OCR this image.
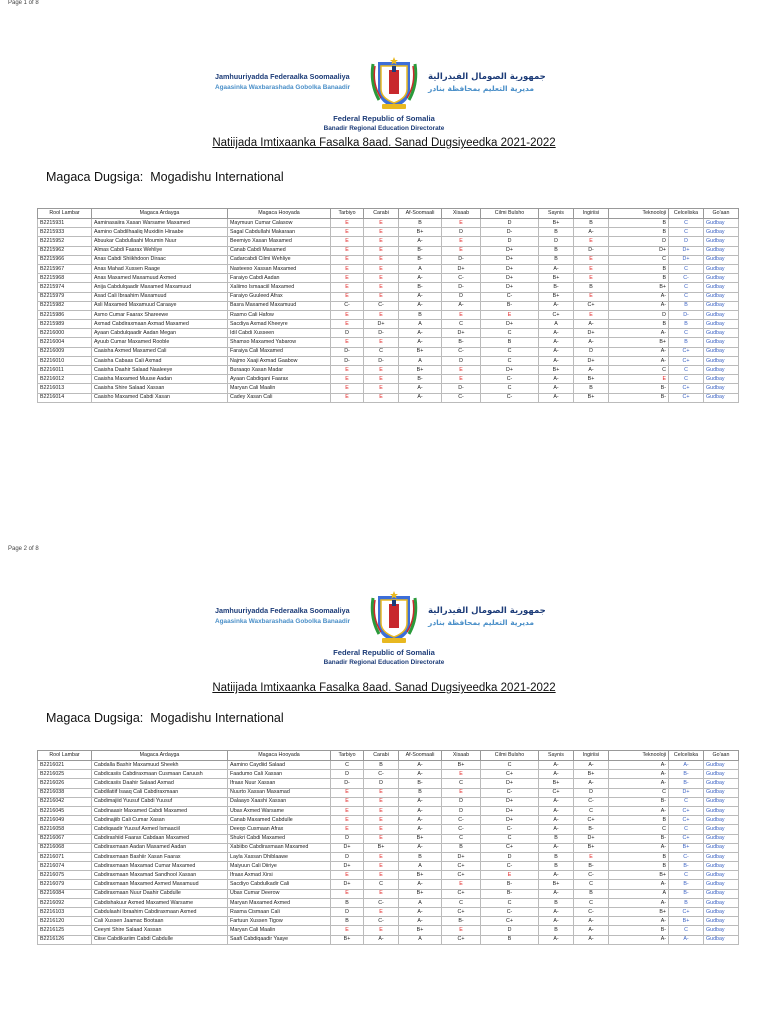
Page 1 of 8
Jamhuuriyadda Federaalka Soomaaliya
Agaasinka Waxbarashada Gobolka Banaadir
جمهورية الصومال الفيدرالية
مديرية التعليم بمحافظة بنادر
Federal Republic of Somalia
Banadir Regional Education Directorate
Natiijada Imtixaanka Fasalka 8aad. Sanad Dugsiyeedka 2021-2022
Magaca Dugsiga: Mogadishu International
Rool Lambar	Magaca Ardayga	Magaca Hooyada	Tarbiyo	Carabi	Af-Soomaali	Xisaab	Cilmi Bulsho	Saynis	Ingiriisi	Teknooloji	Celceliska	Go'aan
B2215931	Aaminasaiira Xasan Warsame Maxamed	Maymuun Cumar Calasow	E	E	B	E	D	B+	B	B	C	Gudbay
B2215933	Aamino Cabdilhaaliq Muxidiin Hiraabe	Sagal Cabdullahi Makaraan	E	E	B+	D	D-	B	A-	B	C	Gudbay
B2215952	Abuukar Cabdullaahi Moumin Nuur	Beemiyo Xasan Maxamed	E	E	A-	E	D	D	E	D	D	Gudbay
B2215962	Almas Cabdi Faarax Wehliye	Canab Cabdi Maxamed	E	E	B-	E	D+	B	D-	D+	D+	Gudbay
B2215966	Anas Cabdi Shiikhdoon Diraac	Cadarcabdi Cilmi Wehliye	E	E	B-	D-	D+	B	E	C	D+	Gudbay
B2215967	Anas Mahad Xussen Raage	Nasteexo Xassan Maxamed	E	E	A	D+	D+	A-	E	B	C	Gudbay
B2215968	Anas Maxamed Maxamuud Axmed	Faraiyo Cabdi Aadan	E	E	A-	C-	D+	B+	E	B	C-	Gudbay
B2215974	Anija Cabdulqaadir Maxamed Maxamuud	Xaliimo Ismaaciil Maxamed	E	E	B-	D-	D+	B-	B	B+	C	Gudbay
B2215979	Asad Cali Ibraahim Maxamuud	Faraiyo Guuleed Afrax	E	E	A-	D	C-	B+	E	A-	C	Gudbay
B2215982	Asli Maxamed Maxamuud Caraaye	Basra Maxamed Maxamuud	C-	C-	A-	A-	B-	A-	C+	A-	B	Gudbay
B2215986	Asmo Cumar Faarax Shareewe	Rasmo Cali Hafow	E	E	B	E	E	C+	E	D	D-	Gudbay
B2215989	Axmad Cabdiraxmaan Axmad Maxamed	Sacdiya Axmad Kheeyre	E	D+	A	C	D+	A	A-	B	B	Gudbay
B2216000	Ayaan Cabdulqaadir Aadan Megan	Idil Cabdi Xusseen	D	D-	A-	D+	C	A-	D+	A-	C	Gudbay
B2216004	Ayuub Cumar Maxamed Rooble	Shamso Maxamed Yabarow	E	E	A-	B-	B	A-	A-	B+	B	Gudbay
B2216009	Caaisha Axmed Maxamed Cali	Faraiya Cali Maxamed	D-	C	B+	C-	C	A-	D	A-	C+	Gudbay
B2216010	Caaisha Cabaas Cali Axmad	Najmo Xaaji Axmad Gaabow	D-	D-	A	D	C	A-	D+	A-	C+	Gudbay
B2216011	Caaisha Daahir Salaad Naaleeye	Buraaqo Xasan Madar	E	E	B+	E	D+	B+	A-	C	C	Gudbay
B2216012	Caaisha Maxamed Muuse Aadan	Ayaan Cabdiqani Faarax	E	E	B-	E	C-	A-	B+	E	C	Gudbay
B2216013	Caaisha Shire Salaad Xassan	Maryan Cali Maalin	E	E	A-	D-	C	A-	B	B-	C+	Gudbay
B2216014	Caaisho Maxamed Cabdi Xasan	Cadey Xasan Cali	E	E	A-	C-	C-	A-	B+	B-	C+	Gudbay
Page 2 of 8
Jamhuuriyadda Federaalka Soomaaliya
Agaasinka Waxbarashada Gobolka Banaadir
جمهورية الصومال الفيدرالية
مديرية التعليم بمحافظة بنادر
Federal Republic of Somalia
Banadir Regional Education Directorate
Natiijada Imtixaanka Fasalka 8aad. Sanad Dugsiyeedka 2021-2022
Magaca Dugsiga: Mogadishu International
Rool Lambar	Magaca Ardayga	Magaca Hooyada	Tarbiyo	Carabi	Af-Soomaali	Xisaab	Cilmi Bulsho	Saynis	Ingiriisi	Teknooloji	Celceliska	Go'aan
B2216021	Cabdalla Bashir Maxamuud Sheekh	Aamino Caydiid Salaad	C	B	A-	B+	C	A-	A-	A-	A-	Gudbay
B2216025	Cabdicasiis Cabdiraxmaan Cusmaan Caruush	Faadumo Cali Xassan	D	C-	A-	E	C+	A-	B+	A-	B-	Gudbay
B2216026	Cabdicasiis Daahir Salaad Axmad	Ifraax Nuur Xassan	D-	D	B-	C	D+	B+	A-	A-	B-	Gudbay
B2216038	Cabdilatiif Isaaq Cali Cabdiraxmaan	Nuurto Xassan Maxamad	E	E	B	E	C-	C+	D	C	D+	Gudbay
B2216042	Cabdimajiid Yuusuf Cabdi Yuusuf	Dalaayo Xaashi Xassan	E	E	A-	D	D+	A-	C-	B-	C	Gudbay
B2216045	Cabdinaasir Maxamed Cabdi Maxamed	Ubax Axmed Warsame	E	E	A-	D	D+	A-	C	A-	C+	Gudbay
B2216049	Cabdinajiib Cali Cumar Xasan	Canab Maxamed Cabdulle	E	E	A-	C-	D+	A-	C+	B	C+	Gudbay
B2216058	Cabdiqaadir Yuusuf Axmed Ismaaciil	Deeqo Cusmaan Afrax	E	E	A-	C-	C-	A-	B-	C	C	Gudbay
B2216067	Cabdirashiid Faarax Cabdaan Maxamed	Shukri Cabdi Maxamed	D	E	B+	C	C	B	D+	B-	C+	Gudbay
B2216068	Cabdiraxmaan Aadan Maxamed Aadan	Xabiibo Cabdiraxmaan Maxamed	D+	B+	A-	B	C+	A-	B+	A-	B+	Gudbay
B2216071	Cabdiraxmaan Bashiir Xasan Faarax	Layla Xassan Dhiblaawe	D	E	B	D+	D	B	E	B	C-	Gudbay
B2216074	Cabdiraxmaan Maxamad Cumar Maxamed	Maiyuun Cali Diiriye	D+	E	A	C+	C-	B	B-	B	B-	Gudbay
B2216075	Cabdiraxmaan Maxamad Sandhool Xassan	Ifraax Axmad Xirsi	E	E	B+	C+	E	A-	C-	B+	C	Gudbay
B2216079	Cabdiraxmaan Maxamed Axmed Maxamuud	Sacdiyo Cabdulkadir Cali	D+	C	A-	E	B-	B+	C	A-	B-	Gudbay
B2216084	Cabdiraxmaan Nuur Daahir Cabdulle	Ubax Cumar Deerow	E	E	B+	C+	B-	A-	B	A	B-	Gudbay
B2216092	Cabdishakuur Axmed Maxamed Warsame	Maryan Maxamed Axmed	B	C-	A	C	C	B	C	A-	B	Gudbay
B2216103	Cabdulaahi Ibraahim Cabdiraxmaan Axmed	Rasma Cismaan Cali	D	E	A-	C+	C-	A-	C-	B+	C+	Gudbay
B2216120	Cali Xussen Jaamac Bootaan	Fartuun Xussen Tigow	B	C-	A-	B-	C+	A-	A-	A-	B+	Gudbay
B2216125	Ceeyni Shire Salaad Xassan	Maryan Cali Maalin	E	E	B+	E	D	B	A-	B-	C	Gudbay
B2216126	Ciise Cabdikariim Cabdi Cabdulle	Saafi Cabdiqaadir Yaaye	B+	A-	A	C+	B	A-	A-	A-	A-	Gudbay
